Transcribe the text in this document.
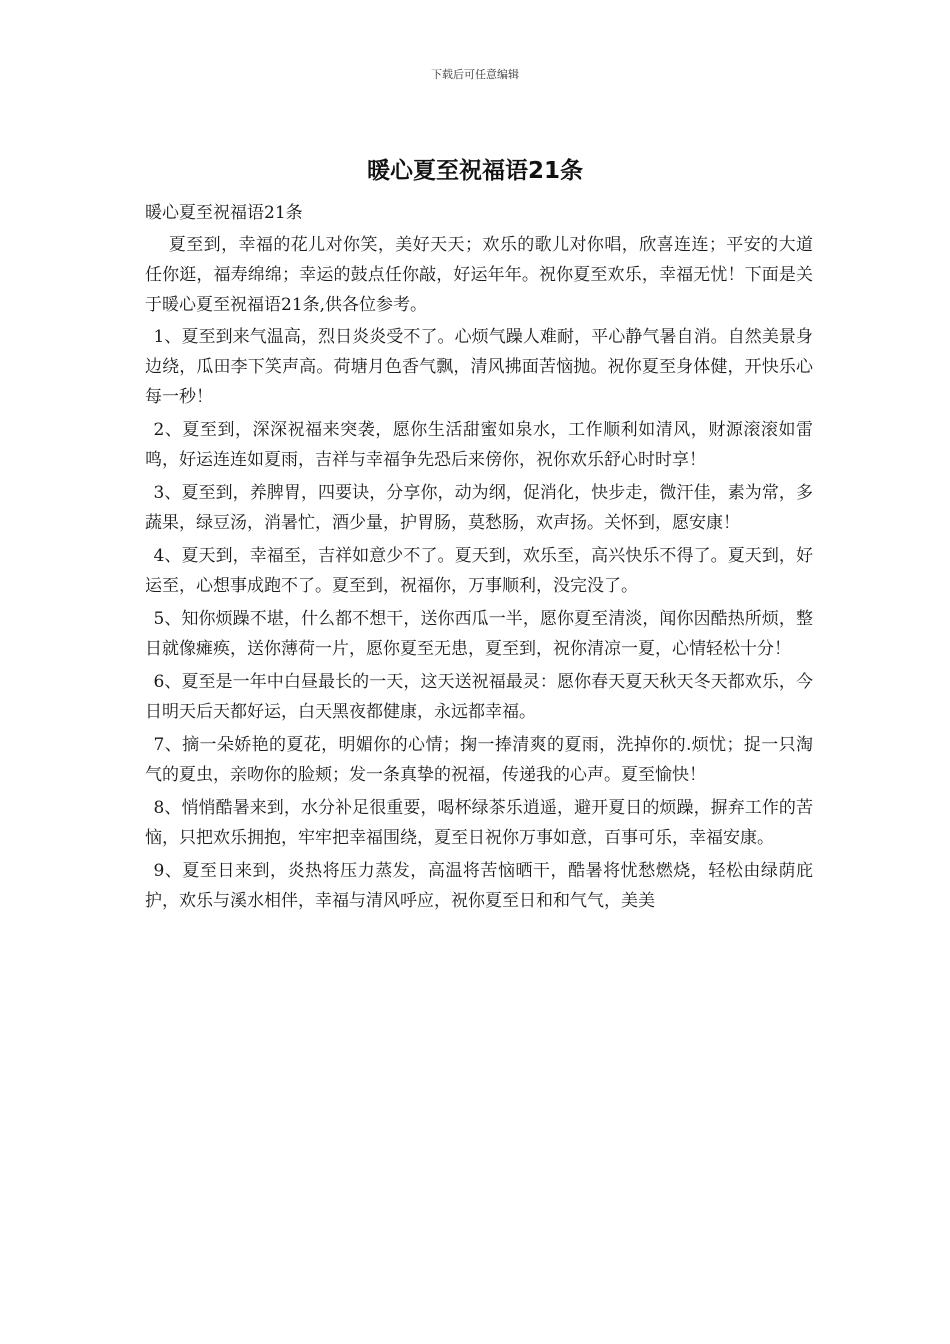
下载后可任意编辑
暖心夏至祝福语21条

暖心夏至祝福语21条

夏至到，幸福的花儿对你笑，美好天天；欢乐的歌儿对你唱，欣喜连连；平安的大道任你逛，福寿绵绵；幸运的鼓点任你敲，好运年年。祝你夏至欢乐，幸福无忧！下面是关于暖心夏至祝福语21条,供各位参考。

1、夏至到来气温高，烈日炎炎受不了。心烦气躁人难耐，平心静气暑自消。自然美景身边绕，瓜田李下笑声高。荷塘月色香气飘，清风拂面苦恼抛。祝你夏至身体健，开快乐心每一秒！

2、夏至到，深深祝福来突袭，愿你生活甜蜜如泉水，工作顺利如清风，财源滚滚如雷鸣，好运连连如夏雨，吉祥与幸福争先恐后来傍你，祝你欢乐舒心时时享！

3、夏至到，养脾胃，四要诀，分享你，动为纲，促消化，快步走，微汗佳，素为常，多蔬果，绿豆汤，消暑忙，酒少量，护胃肠，莫愁肠，欢声扬。关怀到，愿安康！

4、夏天到，幸福至，吉祥如意少不了。夏天到，欢乐至，高兴快乐不得了。夏天到，好运至，心想事成跑不了。夏至到，祝福你，万事顺利，没完没了。

5、知你烦躁不堪，什么都不想干，送你西瓜一半，愿你夏至清淡，闻你因酷热所烦，整日就像瘫痪，送你薄荷一片，愿你夏至无患，夏至到，祝你清凉一夏，心情轻松十分！

6、夏至是一年中白昼最长的一天，这天送祝福最灵：愿你春天夏天秋天冬天都欢乐，今日明天后天都好运，白天黑夜都健康，永远都幸福。

7、摘一朵娇艳的夏花，明媚你的心情；掬一捧清爽的夏雨，洗掉你的.烦忧；捉一只淘气的夏虫，亲吻你的脸颊；发一条真挚的祝福，传递我的心声。夏至愉快！

8、悄悄酷暑来到，水分补足很重要，喝杯绿茶乐逍遥，避开夏日的烦躁，摒弃工作的苦恼，只把欢乐拥抱，牢牢把幸福围绕，夏至日祝你万事如意，百事可乐，幸福安康。

9、夏至日来到，炎热将压力蒸发，高温将苦恼晒干，酷暑将忧愁燃烧，轻松由绿荫庇护，欢乐与溪水相伴，幸福与清风呼应，祝你夏至日和和气气，美美
